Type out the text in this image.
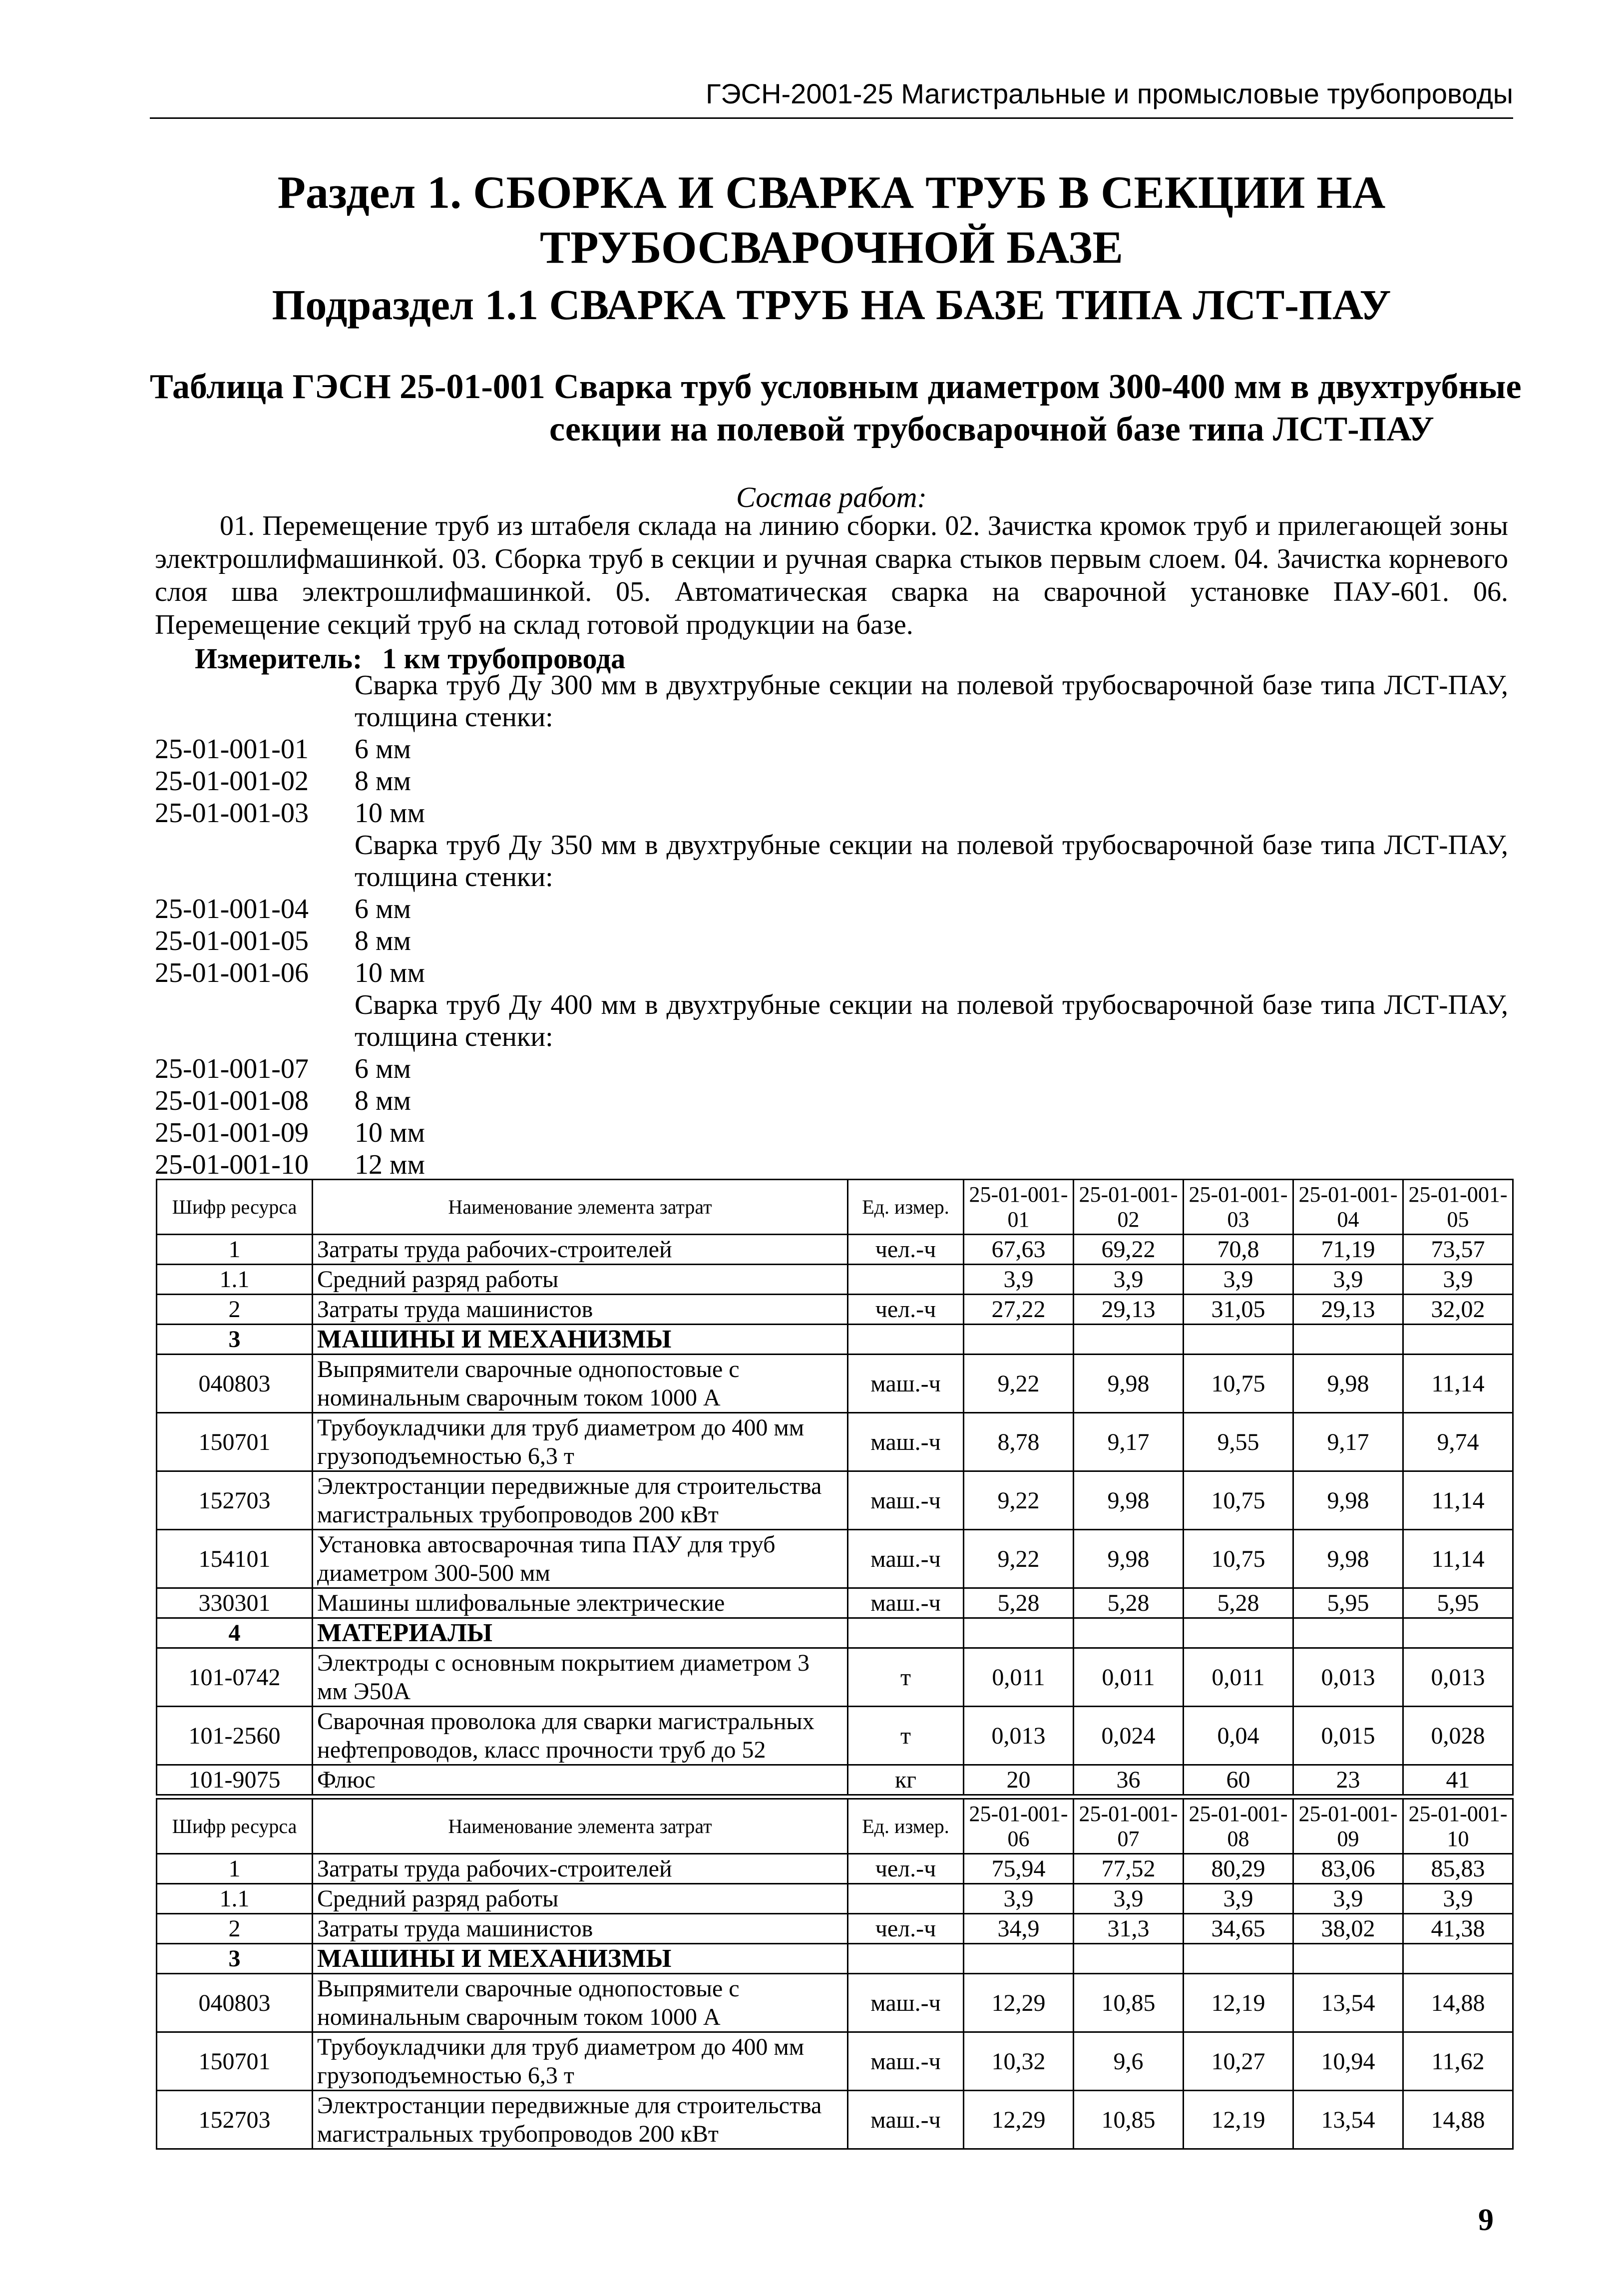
ГЭСН-2001-25 Магистральные и промысловые трубопроводы
Раздел 1. СБОРКА И СВАРКА ТРУБ В СЕКЦИИ НА ТРУБОСВАРОЧНОЙ БАЗЕ
Подраздел 1.1 СВАРКА ТРУБ НА БАЗЕ ТИПА ЛСТ-ПАУ
Таблица ГЭСН 25-01-001 Сварка труб условным диаметром 300-400 мм в двухтрубные
секции на полевой трубосварочной базе типа ЛСТ-ПАУ
Состав работ:
01. Перемещение труб из штабеля склада на линию сборки. 02. Зачистка кромок труб и прилегающей зоны электрошлифмашинкой. 03. Сборка труб в секции и ручная сварка стыков первым слоем. 04. Зачистка корневого слоя шва электрошлифмашинкой. 05. Автоматическая сварка на сварочной установке ПАУ-601. 06. Перемещение секций труб на склад готовой продукции на базе.
Измеритель: 1 км трубопровода
Сварка труб Ду 300 мм в двухтрубные секции на полевой трубосварочной базе типа ЛСТ-ПАУ, толщина стенки:
25-01-001-01 6 мм
25-01-001-02 8 мм
25-01-001-03 10 мм
Сварка труб Ду 350 мм в двухтрубные секции на полевой трубосварочной базе типа ЛСТ-ПАУ, толщина стенки:
25-01-001-04 6 мм
25-01-001-05 8 мм
25-01-001-06 10 мм
Сварка труб Ду 400 мм в двухтрубные секции на полевой трубосварочной базе типа ЛСТ-ПАУ, толщина стенки:
25-01-001-07 6 мм
25-01-001-08 8 мм
25-01-001-09 10 мм
25-01-001-10 12 мм
Шифр ресурса	Наименование элемента затрат	Ед. измер.	25-01-001-01	25-01-001-02	25-01-001-03	25-01-001-04	25-01-001-05
1	Затраты труда рабочих-строителей	чел.-ч	67,63	69,22	70,8	71,19	73,57
1.1	Средний разряд работы		3,9	3,9	3,9	3,9	3,9
2	Затраты труда машинистов	чел.-ч	27,22	29,13	31,05	29,13	32,02
3	МАШИНЫ И МЕХАНИЗМЫ						
040803	Выпрямители сварочные однопостовые с номинальным сварочным током 1000 А	маш.-ч	9,22	9,98	10,75	9,98	11,14
150701	Трубоукладчики для труб диаметром до 400 мм грузоподъемностью 6,3 т	маш.-ч	8,78	9,17	9,55	9,17	9,74
152703	Электростанции передвижные для строительства магистральных трубопроводов 200 кВт	маш.-ч	9,22	9,98	10,75	9,98	11,14
154101	Установка автосварочная типа ПАУ для труб диаметром 300-500 мм	маш.-ч	9,22	9,98	10,75	9,98	11,14
330301	Машины шлифовальные электрические	маш.-ч	5,28	5,28	5,28	5,95	5,95
4	МАТЕРИАЛЫ						
101-0742	Электроды с основным покрытием диаметром 3 мм Э50А	т	0,011	0,011	0,011	0,013	0,013
101-2560	Сварочная проволока для сварки магистральных нефтепроводов, класс прочности труб до 52	т	0,013	0,024	0,04	0,015	0,028
101-9075	Флюс	кг	20	36	60	23	41
Шифр ресурса	Наименование элемента затрат	Ед. измер.	25-01-001-06	25-01-001-07	25-01-001-08	25-01-001-09	25-01-001-10
1	Затраты труда рабочих-строителей	чел.-ч	75,94	77,52	80,29	83,06	85,83
1.1	Средний разряд работы		3,9	3,9	3,9	3,9	3,9
2	Затраты труда машинистов	чел.-ч	34,9	31,3	34,65	38,02	41,38
3	МАШИНЫ И МЕХАНИЗМЫ						
040803	Выпрямители сварочные однопостовые с номинальным сварочным током 1000 А	маш.-ч	12,29	10,85	12,19	13,54	14,88
150701	Трубоукладчики для труб диаметром до 400 мм грузоподъемностью 6,3 т	маш.-ч	10,32	9,6	10,27	10,94	11,62
152703	Электростанции передвижные для строительства магистральных трубопроводов 200 кВт	маш.-ч	12,29	10,85	12,19	13,54	14,88
9
